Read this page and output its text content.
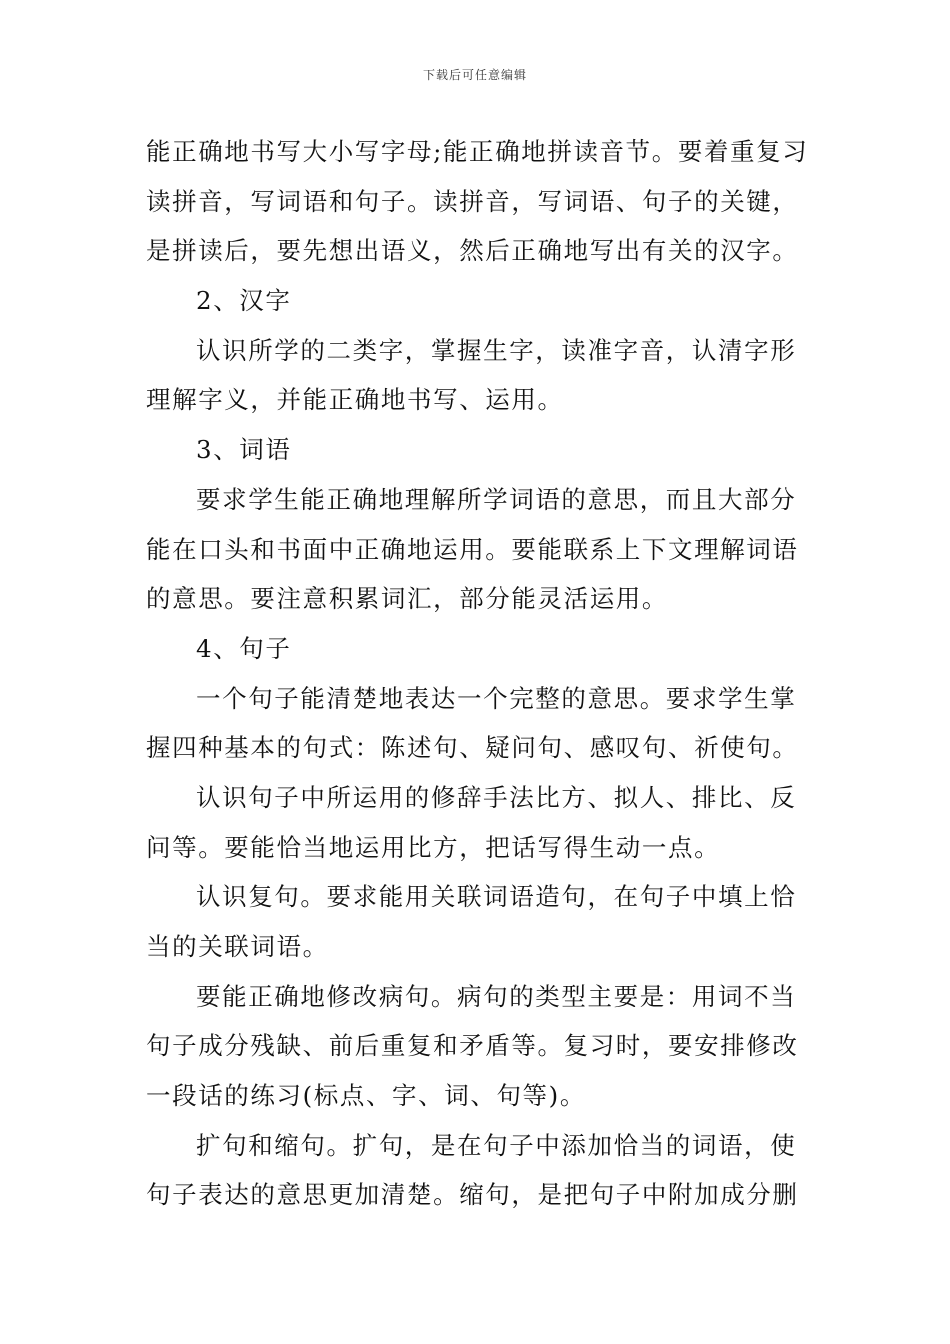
下载后可任意编辑
能正确地书写大小写字母;能正确地拼读音节。要着重复习
读拼音，写词语和句子。读拼音，写词语、句子的关键，
是拼读后，要先想出语义，然后正确地写出有关的汉字。
2、汉字
认识所学的二类字，掌握生字，读准字音，认清字形
理解字义，并能正确地书写、运用。
3、词语
要求学生能正确地理解所学词语的意思，而且大部分
能在口头和书面中正确地运用。要能联系上下文理解词语
的意思。要注意积累词汇，部分能灵活运用。
4、句子
一个句子能清楚地表达一个完整的意思。要求学生掌
握四种基本的句式：陈述句、疑问句、感叹句、祈使句。
认识句子中所运用的修辞手法比方、拟人、排比、反
问等。要能恰当地运用比方，把话写得生动一点。
认识复句。要求能用关联词语造句，在句子中填上恰
当的关联词语。
要能正确地修改病句。病句的类型主要是：用词不当
句子成分残缺、前后重复和矛盾等。复习时，要安排修改
一段话的练习(标点、字、词、句等)。
扩句和缩句。扩句，是在句子中添加恰当的词语，使
句子表达的意思更加清楚。缩句，是把句子中附加成分删
